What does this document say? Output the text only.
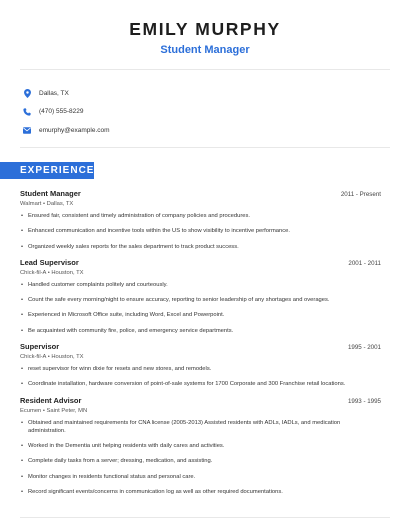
EMILY MURPHY
Student Manager
Dallas, TX
(470) 555-8229
emurphy@example.com
EXPERIENCE
Student Manager	2011 - Present
Walmart • Dallas, TX
• Ensured fair, consistent and timely administration of company policies and procedures.
• Enhanced communication and incentive tools within the US to show visibility to incentive performance.
• Organized weekly sales reports for the sales department to track product success.
Lead Supervisor	2001 - 2011
Chick-fil-A • Houston, TX
• Handled customer complaints politely and courteously.
• Count the safe every morning/night to ensure accuracy, reporting to senior leadership of any shortages and overages.
• Experienced in Microsoft Office suite, including Word, Excel and Powerpoint.
• Be acquainted with community fire, police, and emergency service departments.
Supervisor	1995 - 2001
Chick-fil-A • Houston, TX
• reset supervisor for winn dixie for resets and new stores, and remodels.
• Coordinate installation, hardware conversion of point-of-sale systems for 1700 Corporate and 300 Franchise retail locations.
Resident Advisor	1993 - 1995
Ecumen • Saint Peter, MN
• Obtained and maintained requirements for CNA license (2005-2013) Assisted residents with ADLs, IADLs, and medication administration.
• Worked in the Dementia unit helping residents with daily cares and activities.
• Complete daily tasks from a server; dressing, medication, and assisting.
• Monitor changes in residents functional status and personal care.
• Record significant events/concerns in communication log as well as other required documentations.
